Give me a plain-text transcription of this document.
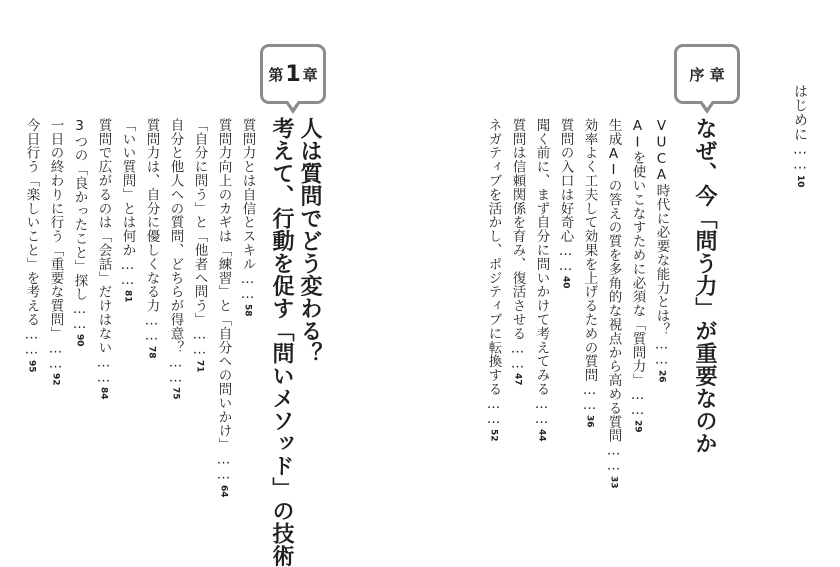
はじめに……10
序 章
なぜ、今「問う力」が重要なのか
VUCA時代に必要な能力とは？……26
AIを使いこなすために必須な「質問力」……29
生成AIの答えの質を多角的な視点から高める質問……33
効率よく工夫して効果を上げるための質問……36
質問の入口は好奇心……40
聞く前に、まず自分に問いかけて考えてみる……44
質問は信頼関係を育み、復活させる……47
ネガティブを活かし、ポジティブに転換する……52
第 1 章
人は質問でどう変わる？
考えて、行動を促す「問いメソッド」の技術
質問力とは自信とスキル……58
質問力向上のカギは「練習」と「自分への問いかけ」……64
「自分に問う」と「他者へ問う」……71
自分と他人への質問、どちらが得意？……75
質問力は、自分に優しくなる力……78
「いい質問」とは何か……81
質問で広がるのは「会話」だけはない……84
3つの「良かったこと」探し……90
一日の終わりに行う「重要な質問」……92
今日行う「楽しいこと」を考える……95
